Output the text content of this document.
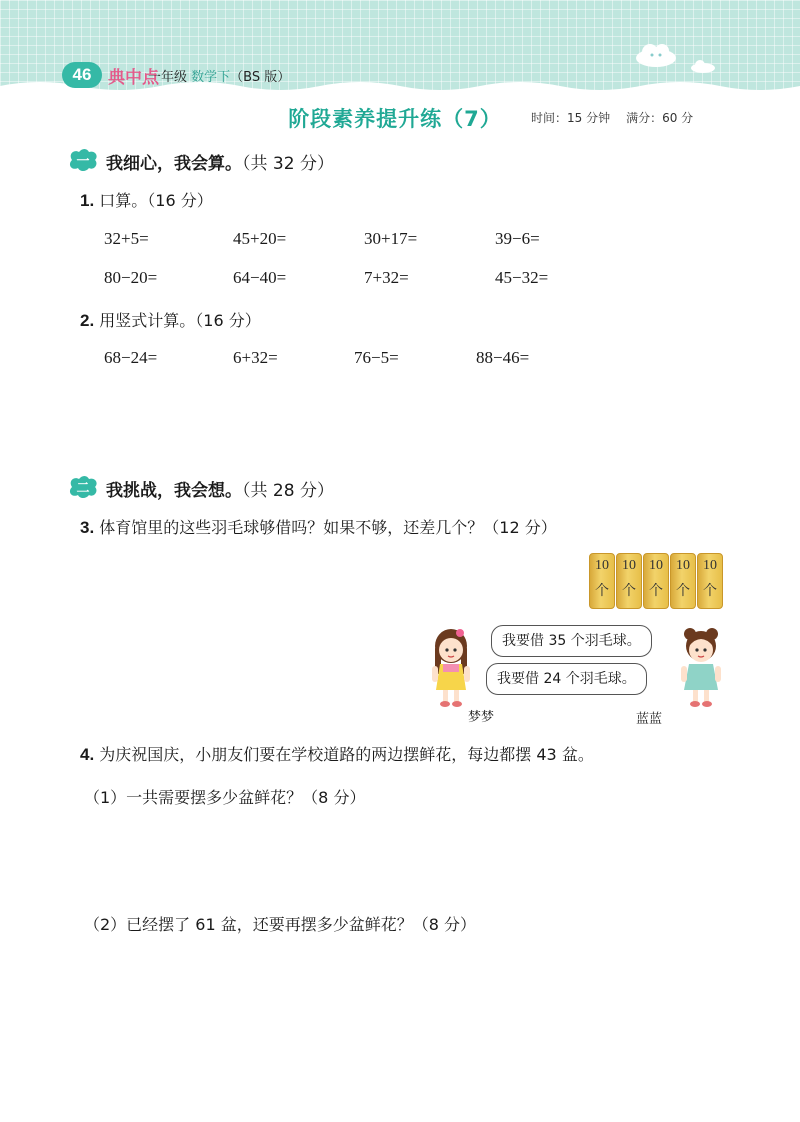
46 典中点
一年级 数学下（BS 版）
阶段素养提升练（7）	时间：15 分钟 满分：60 分
一 我细心，我会算。（共 32 分）
1. 口算。（16 分）
32+5=	45+20=	30+17=	39−6=
80−20=	64−40=	7+32=	45−32=
2. 用竖式计算。（16 分）
68−24=	6+32=	76−5=	88−46=
二 我挑战，我会想。（共 28 分）
3. 体育馆里的这些羽毛球够借吗？如果不够，还差几个？（12 分）
10
个
10
个
10
个
10
个
10
个
我要借 35 个羽毛球。
我要借 24 个羽毛球。
梦梦	蓝蓝
4. 为庆祝国庆，小朋友们要在学校道路的两边摆鲜花，每边都摆 43 盆。
（1）一共需要摆多少盆鲜花？（8 分）
（2）已经摆了 61 盆，还要再摆多少盆鲜花？（8 分）
